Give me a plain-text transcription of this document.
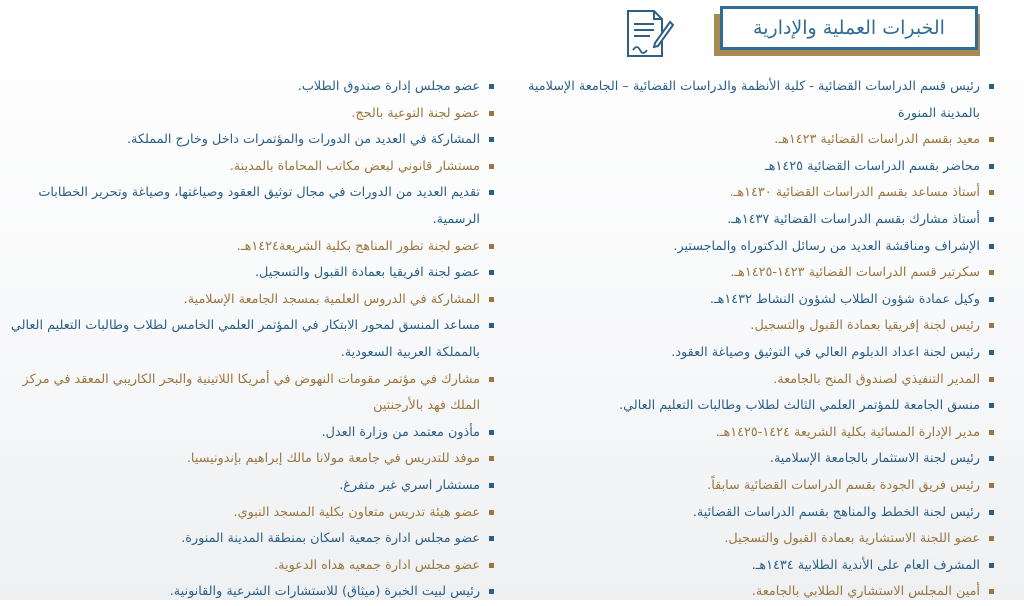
الخبرات العملية والإدارية
رئيس قسم الدراسات القضائية - كلية الأنظمة والدراسات القضائية – الجامعة الإسلامية بالمدينة المنورة
معيد بقسم الدراسات القضائية ١٤٢٣هـ.
محاضر بقسم الدراسات القضائية ١٤٢٥هـ
أستاذ مساعد بقسم الدراسات القضائية ١٤٣٠هـ.
أستاذ مشارك بقسم الدراسات القضائية ١٤٣٧هـ.
الإشراف ومناقشة العديد من رسائل الدكتوراه والماجستير.
سكرتير قسم الدراسات القضائية ١٤٢٣-١٤٢٥هـ.
وكيل عمادة شؤون الطلاب لشؤون النشاط ١٤٣٢هـ.
رئيس لجنة إفريقيا بعمادة القبول والتسجيل.
رئيس لجنة اعداد الدبلوم العالي في التوثيق وصياغة العقود.
المدير التنفيذي لصندوق المنح بالجامعة.
منسق الجامعة للمؤتمر العلمي الثالث لطلاب وطالبات التعليم العالي.
مدير الإدارة المسائية بكلية الشريعة ١٤٢٤-١٤٢٥هـ.
رئيس لجنة الاستثمار بالجامعة الإسلامية.
رئيس فريق الجودة بقسم الدراسات القضائية سابقاً.
رئيس لجنة الخطط والمناهج بقسم الدراسات القضائية.
عضو اللجنة الاستشارية بعمادة القبول والتسجيل.
المشرف العام على الأندية الطلابية ١٤٣٤هـ.
أمين المجلس الاستشاري الطلابي بالجامعة.
عضو مجلس إدارة صندوق الطلاب.
عضو لجنة التوعية بالحج.
المشاركة في العديد من الدورات والمؤتمرات داخل وخارج المملكة.
مستشار قانوني لبعض مكاتب المحاماة بالمدينة.
تقديم العديد من الدورات في مجال توثيق العقود وصياغتها، وصياغة وتحرير الخطابات الرسمية.
عضو لجنة تطور المناهج بكلية الشريعة١٤٢٤هـ.
عضو لجنة افريقيا بعمادة القبول والتسجيل.
المشاركة في الدروس العلمية بمسجد الجامعة الإسلامية.
مساعد المنسق لمحور الابتكار في المؤتمر العلمي الخامس لطلاب وطالبات التعليم العالي بالمملكة العربية السعودية.
مشارك في مؤتمر مقومات النهوض في أمريكا اللاتينية والبحر الكاريبي المعقد في مركز الملك فهد بالأرجنتين
مأذون معتمد من وزارة العدل.
موفد للتدريس في جامعة مولانا مالك إبراهيم بإندونيسيا.
مستشار اسري غير متفرغ.
عضو هيئة تدريس متعاون بكلية المسجد النبوي.
عضو مجلس ادارة جمعية اسكان بمنطقة المدينة المنورة.
عضو مجلس ادارة جمعيه هداه الدعوية.
رئيس لبيت الخبرة (ميثاق) للاستشارات الشرعية والقانونية.
